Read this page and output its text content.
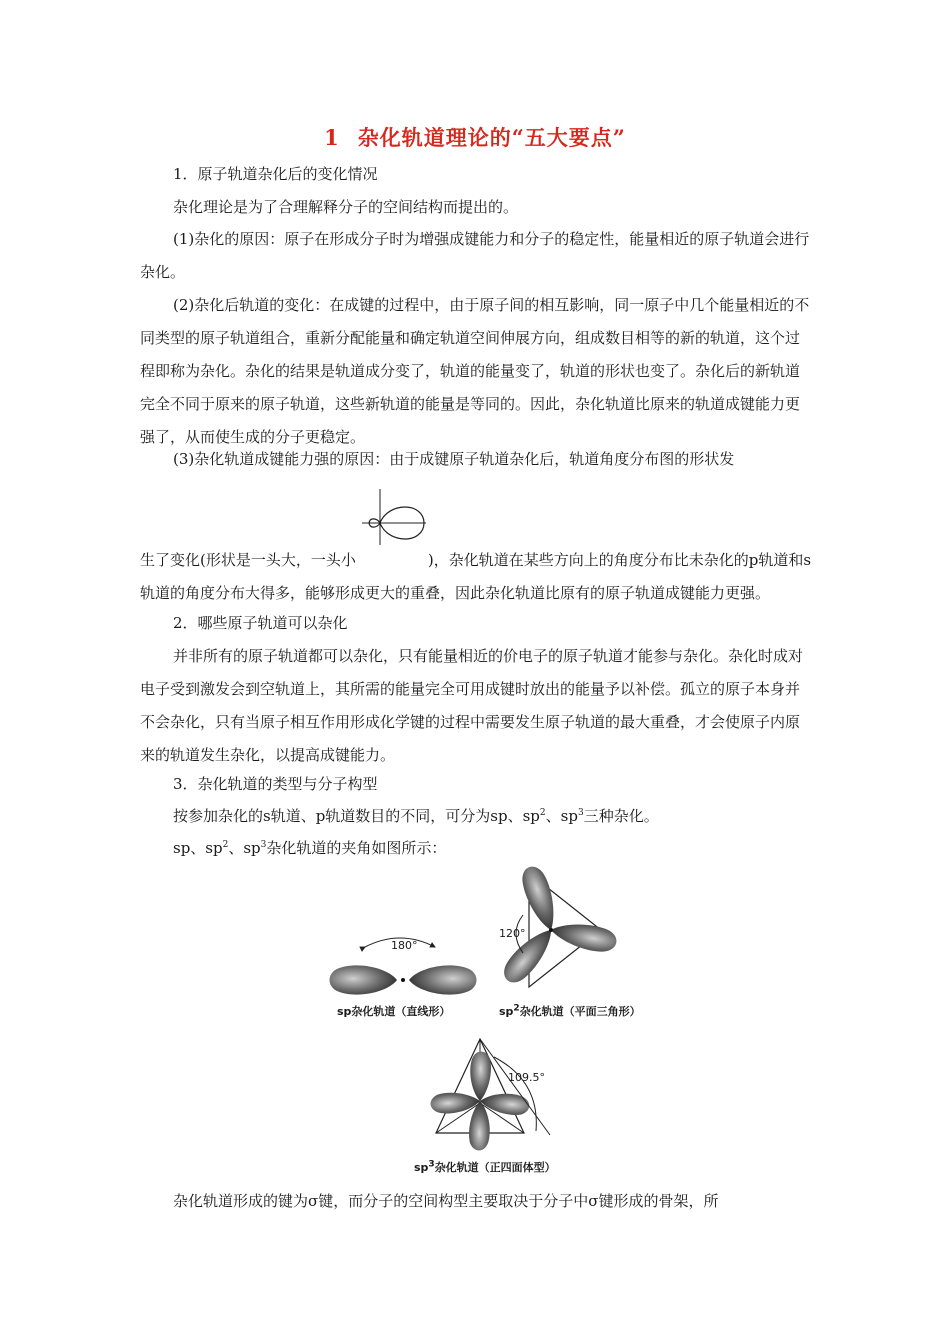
1 杂化轨道理论的“五大要点”

1．原子轨道杂化后的变化情况

杂化理论是为了合理解释分子的空间结构而提出的。

(1)杂化的原因：原子在形成分子时为增强成键能力和分子的稳定性，能量相近的原子轨道会进行杂化。

(2)杂化后轨道的变化：在成键的过程中，由于原子间的相互影响，同一原子中几个能量相近的不同类型的原子轨道组合，重新分配能量和确定轨道空间伸展方向，组成数目相等的新的轨道，这个过程即称为杂化。杂化的结果是轨道成分变了，轨道的能量变了，轨道的形状也变了。杂化后的新轨道完全不同于原来的原子轨道，这些新轨道的能量是等同的。因此，杂化轨道比原来的轨道成键能力更强了，从而使生成的分子更稳定。

(3)杂化轨道成键能力强的原因：由于成键原子轨道杂化后，轨道角度分布图的形状发

生了变化(形状是一头大，一头小	)，杂化轨道在某些方向上的角度分布比未杂化的p轨道和s轨道的角度分布大得多，能够形成更大的重叠，因此杂化轨道比原有的原子轨道成键能力更强。

2．哪些原子轨道可以杂化

并非所有的原子轨道都可以杂化，只有能量相近的价电子的原子轨道才能参与杂化。杂化时成对电子受到激发会到空轨道上，其所需的能量完全可用成键时放出的能量予以补偿。孤立的原子本身并不会杂化，只有当原子相互作用形成化学键的过程中需要发生原子轨道的最大重叠，才会使原子内原来的轨道发生杂化，以提高成键能力。

3．杂化轨道的类型与分子构型

按参加杂化的s轨道、p轨道数目的不同，可分为sp、$sp^2$、$sp^3$三种杂化。

sp、$sp^2$、$sp^3$杂化轨道的夹角如图所示：

180°
sp杂化轨道（直线形）
120°
$sp^2$杂化轨道（平面三角形）
109.5°
$sp^3$杂化轨道（正四面体型）

杂化轨道形成的键为σ键，而分子的空间构型主要取决于分子中σ键形成的骨架，所
